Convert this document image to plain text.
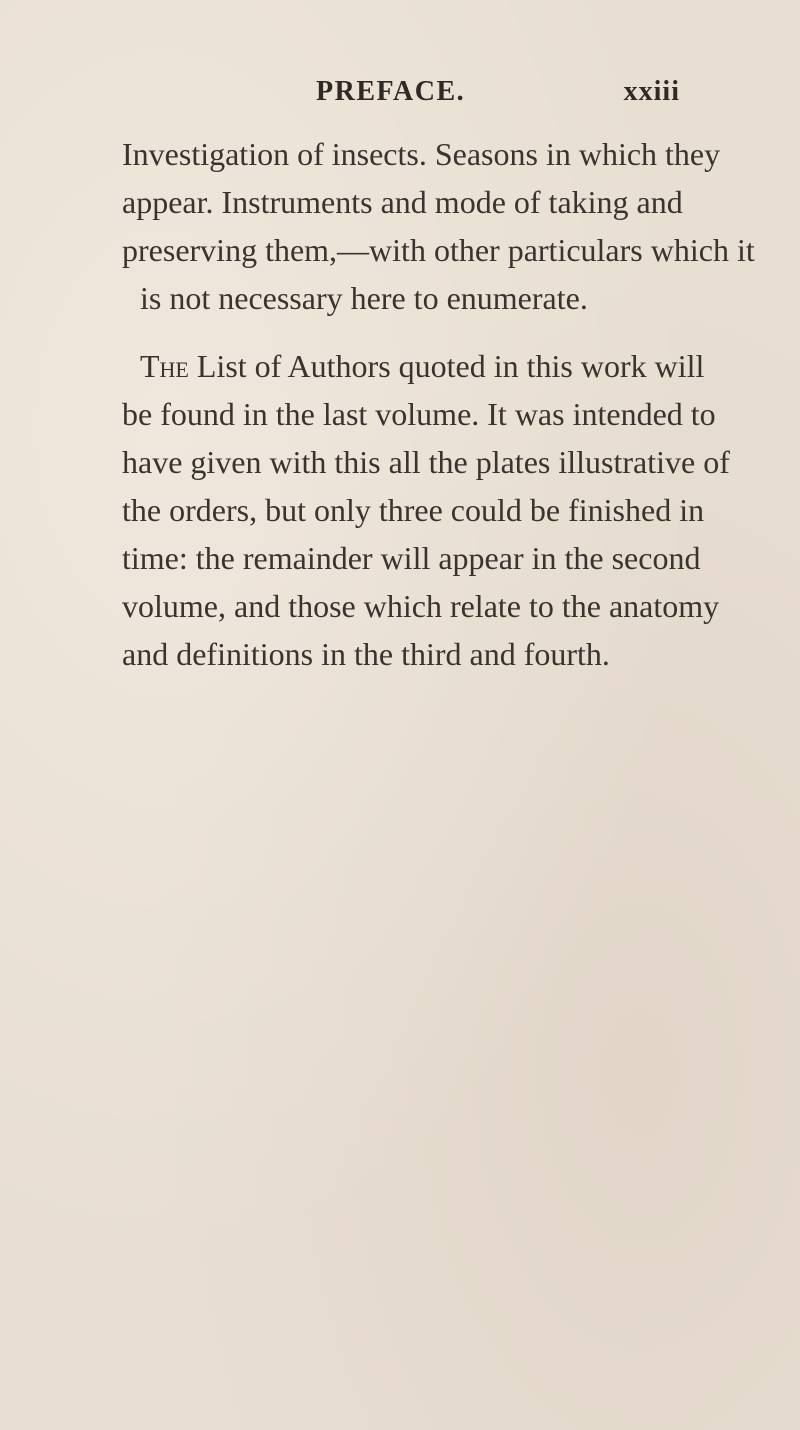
PREFACE.	xxiii
Investigation of insects. Seasons in which they
appear. Instruments and mode of taking and
preserving them,—with other particulars which it
is not necessary here to enumerate.
The List of Authors quoted in this work will
be found in the last volume. It was intended to
have given with this all the plates illustrative of
the orders, but only three could be finished in
time: the remainder will appear in the second
volume, and those which relate to the anatomy
and definitions in the third and fourth.
